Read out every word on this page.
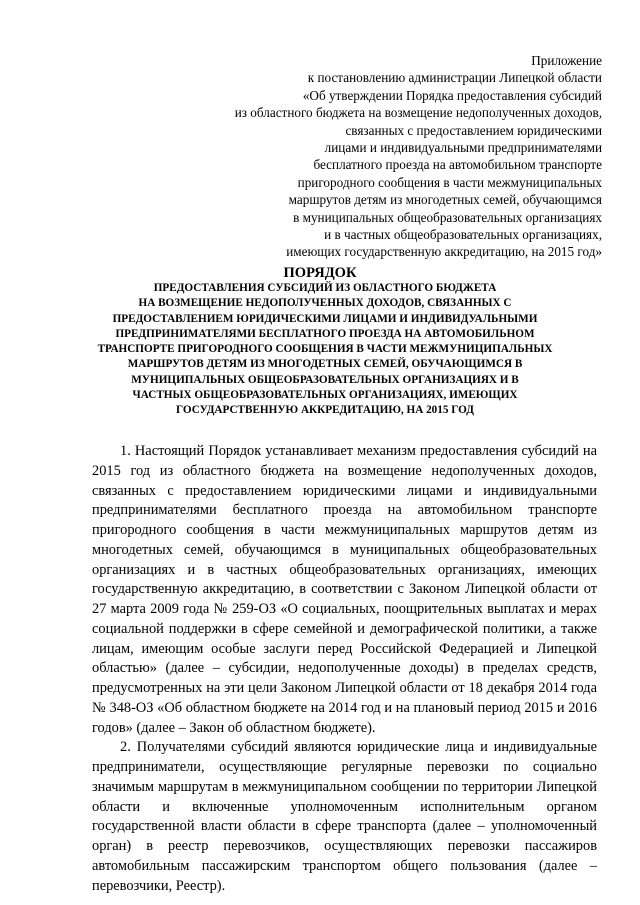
Приложение
к постановлению администрации Липецкой области
«Об утверждении Порядка предоставления субсидий
из областного бюджета на возмещение недополученных доходов,
связанных с предоставлением юридическими
лицами и индивидуальными предпринимателями
бесплатного проезда на автомобильном транспорте
пригородного сообщения в части межмуниципальных
маршрутов детям из многодетных семей, обучающимся
в муниципальных общеобразовательных организациях
и в частных общеобразовательных организациях,
имеющих государственную аккредитацию, на 2015 год»
ПОРЯДОК
ПРЕДОСТАВЛЕНИЯ СУБСИДИЙ ИЗ ОБЛАСТНОГО БЮДЖЕТА
НА ВОЗМЕЩЕНИЕ НЕДОПОЛУЧЕННЫХ ДОХОДОВ, СВЯЗАННЫХ С
ПРЕДОСТАВЛЕНИЕМ ЮРИДИЧЕСКИМИ ЛИЦАМИ И ИНДИВИДУАЛЬНЫМИ
ПРЕДПРИНИМАТЕЛЯМИ БЕСПЛАТНОГО ПРОЕЗДА НА АВТОМОБИЛЬНОМ
ТРАНСПОРТЕ ПРИГОРОДНОГО СООБЩЕНИЯ В ЧАСТИ МЕЖМУНИЦИПАЛЬНЫХ
МАРШРУТОВ ДЕТЯМ ИЗ МНОГОДЕТНЫХ СЕМЕЙ, ОБУЧАЮЩИМСЯ В
МУНИЦИПАЛЬНЫХ ОБЩЕОБРАЗОВАТЕЛЬНЫХ ОРГАНИЗАЦИЯХ И В
ЧАСТНЫХ ОБЩЕОБРАЗОВАТЕЛЬНЫХ ОРГАНИЗАЦИЯХ, ИМЕЮЩИХ
ГОСУДАРСТВЕННУЮ АККРЕДИТАЦИЮ, НА 2015 ГОД

1. Настоящий Порядок устанавливает механизм предоставления субсидий на 2015 год из областного бюджета на возмещение недополученных доходов, связанных с предоставлением юридическими лицами и индивидуальными предпринимателями бесплатного проезда на автомобильном транспорте пригородного сообщения в части межмуниципальных маршрутов детям из многодетных семей, обучающимся в муниципальных общеобразовательных организациях и в частных общеобразовательных организациях, имеющих государственную аккредитацию, в соответствии с Законом Липецкой области от 27 марта 2009 года № 259-ОЗ «О социальных, поощрительных выплатах и мерах социальной поддержки в сфере семейной и демографической политики, а также лицам, имеющим особые заслуги перед Российской Федерацией и Липецкой областью» (далее – субсидии, недополученные доходы) в пределах средств, предусмотренных на эти цели Законом Липецкой области от 18 декабря 2014 года № 348-ОЗ «Об областном бюджете на 2014 год и на плановый период 2015 и 2016 годов» (далее – Закон об областном бюджете).

2. Получателями субсидий являются юридические лица и индивидуальные предприниматели, осуществляющие регулярные перевозки по социально значимым маршрутам в межмуниципальном сообщении по территории Липецкой области и включенные уполномоченным исполнительным органом государственной власти области в сфере транспорта (далее – уполномоченный орган) в реестр перевозчиков, осуществляющих перевозки пассажиров автомобильным пассажирским транспортом общего пользования (далее – перевозчики, Реестр).
